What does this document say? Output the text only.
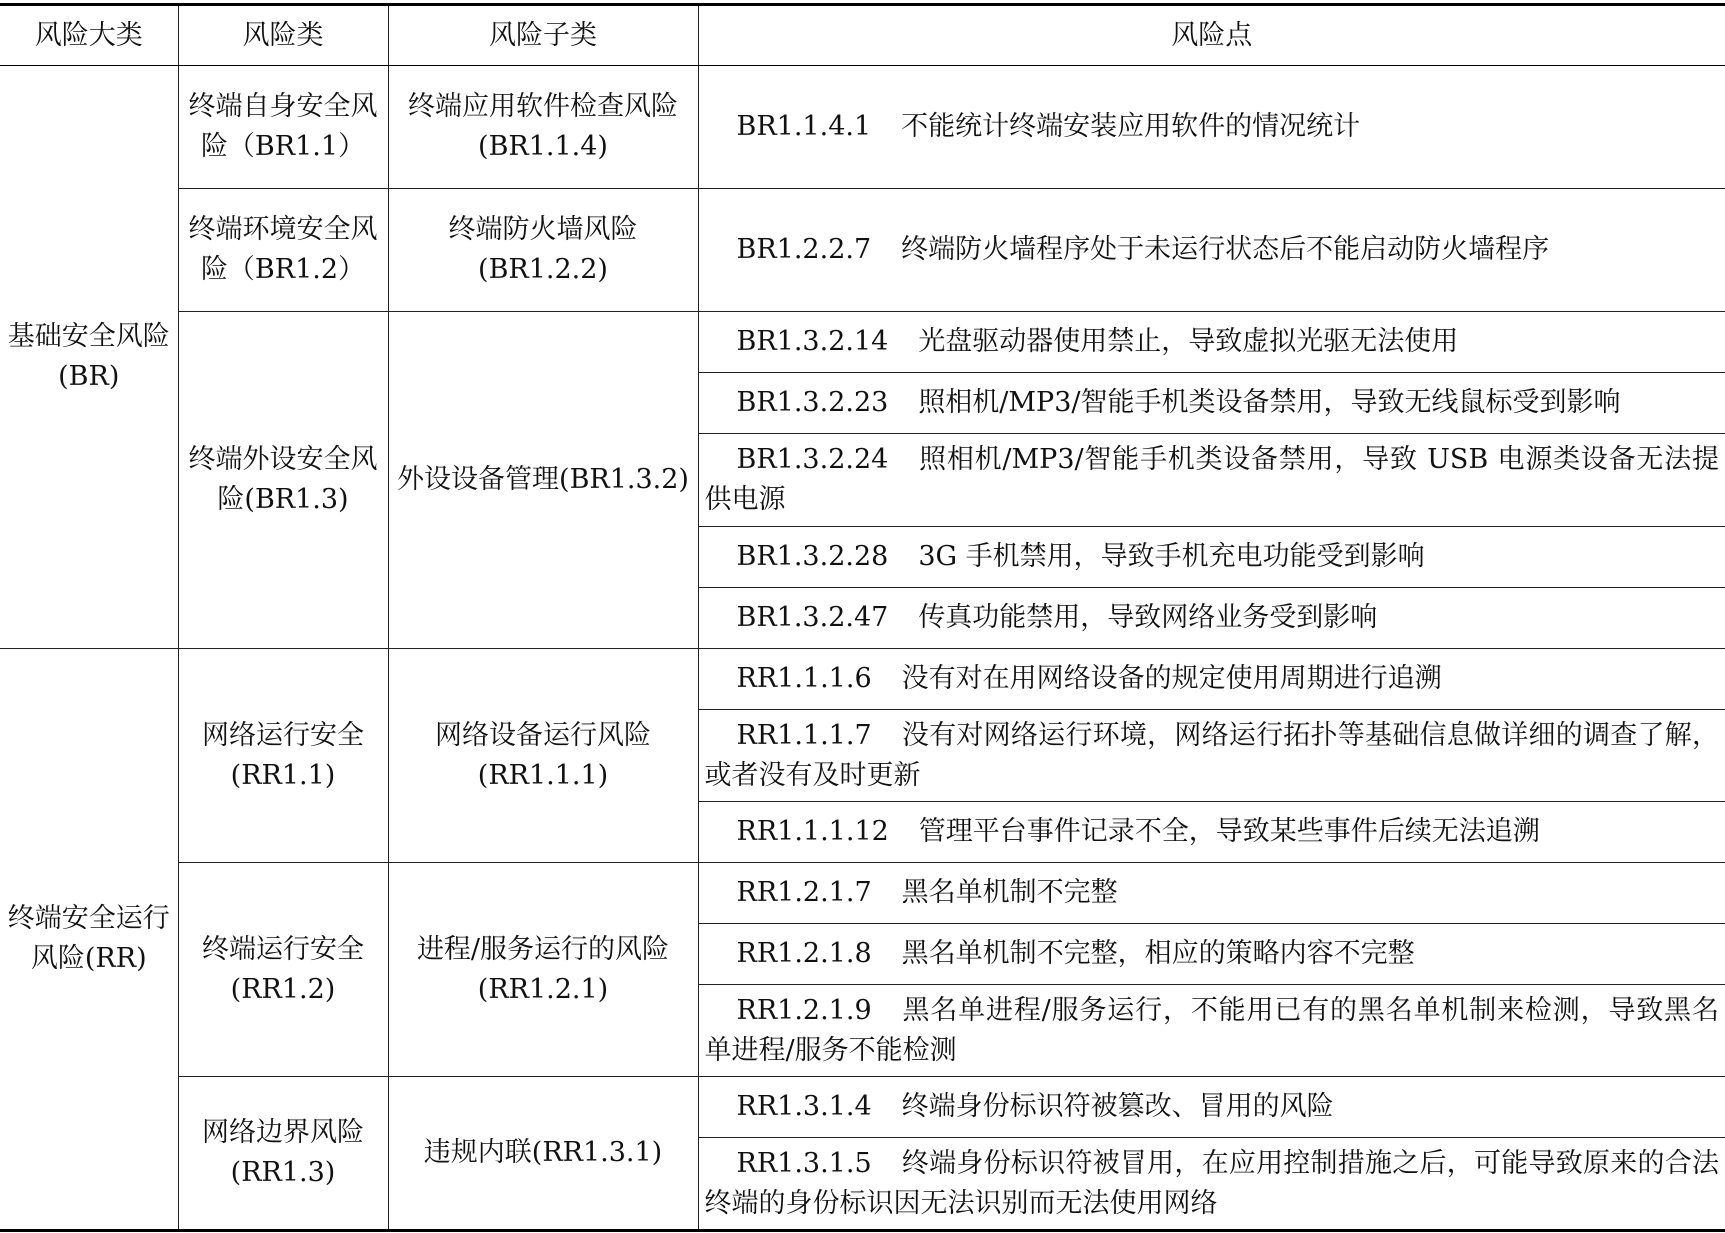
风险大类	风险类	风险子类	风险点
基础安全风险(BR)	终端自身安全风险（BR1.1）	终端应用软件检查风险(BR1.1.4)	BR1.1.4.1 不能统计终端安装应用软件的情况统计
	终端环境安全风险（BR1.2）	终端防火墙风险(BR1.2.2)	BR1.2.2.7 终端防火墙程序处于未运行状态后不能启动防火墙程序
	终端外设安全风险(BR1.3)	外设设备管理(BR1.3.2)	BR1.3.2.14 光盘驱动器使用禁止，导致虚拟光驱无法使用
			BR1.3.2.23 照相机/MP3/智能手机类设备禁用，导致无线鼠标受到影响
			BR1.3.2.24 照相机/MP3/智能手机类设备禁用，导致 USB 电源类设备无法提供电源
			BR1.3.2.28 3G 手机禁用，导致手机充电功能受到影响
			BR1.3.2.47 传真功能禁用，导致网络业务受到影响
终端安全运行风险(RR)	网络运行安全(RR1.1)	网络设备运行风险(RR1.1.1)	RR1.1.1.6 没有对在用网络设备的规定使用周期进行追溯
			RR1.1.1.7 没有对网络运行环境，网络运行拓扑等基础信息做详细的调查了解，或者没有及时更新
			RR1.1.1.12 管理平台事件记录不全，导致某些事件后续无法追溯
	终端运行安全(RR1.2)	进程/服务运行的风险(RR1.2.1)	RR1.2.1.7 黑名单机制不完整
			RR1.2.1.8 黑名单机制不完整，相应的策略内容不完整
			RR1.2.1.9 黑名单进程/服务运行，不能用已有的黑名单机制来检测，导致黑名单进程/服务不能检测
	网络边界风险(RR1.3)	违规内联(RR1.3.1)	RR1.3.1.4 终端身份标识符被篡改、冒用的风险
			RR1.3.1.5 终端身份标识符被冒用，在应用控制措施之后，可能导致原来的合法终端的身份标识因无法识别而无法使用网络
